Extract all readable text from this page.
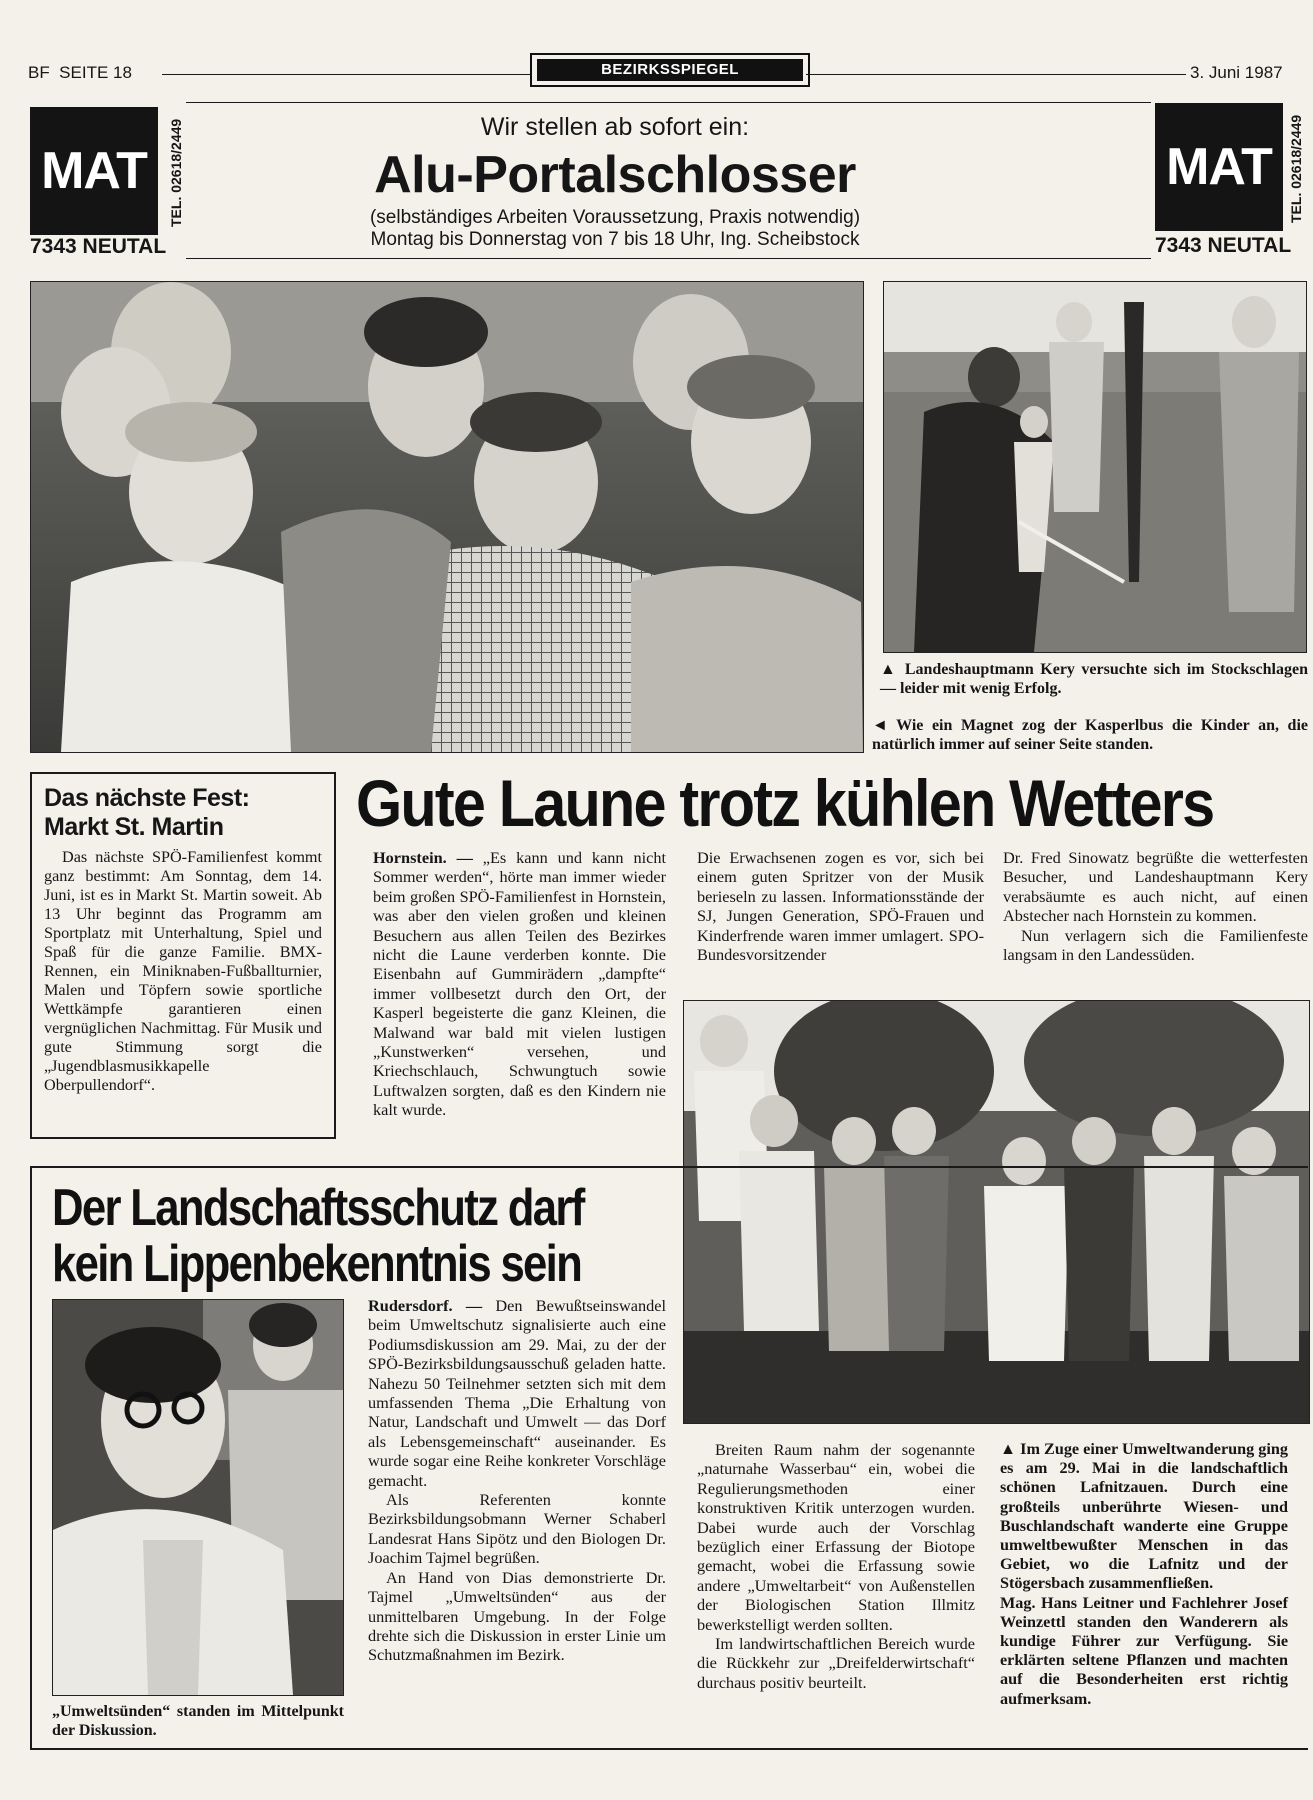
BF  SEITE 18	BEZIRKSSPIEGEL	3. Juni 1987
MAT	TEL. 02618/2449
7343 NEUTAL
Wir stellen ab sofort ein:
Alu-Portalschlosser
(selbständiges Arbeiten Voraussetzung, Praxis notwendig)
Montag bis Donnerstag von 7 bis 18 Uhr, Ing. Scheibstock
MAT	TEL. 02618/2449
7343 NEUTAL
▲ Landeshauptmann Kery versuchte sich im Stockschlagen — leider mit wenig Erfolg.
◄ Wie ein Magnet zog der Kasperlbus die Kinder an, die natürlich immer auf seiner Seite standen.
Das nächste Fest:
Markt St. Martin

Das nächste SPÖ-Familienfest kommt ganz bestimmt: Am Sonntag, dem 14. Juni, ist es in Markt St. Martin soweit. Ab 13 Uhr beginnt das Programm am Sportplatz mit Unterhaltung, Spiel und Spaß für die ganze Familie. BMX-Rennen, ein Miniknaben-Fußballturnier, Malen und Töpfern sowie sportliche Wettkämpfe garantieren einen vergnüglichen Nachmittag. Für Musik und gute Stimmung sorgt die „Jugendblasmusikkapelle Oberpullendorf“.

Gute Laune trotz kühlen Wetters

Hornstein. — „Es kann und kann nicht Sommer werden“, hörte man immer wieder beim großen SPÖ-Familienfest in Hornstein, was aber den vielen großen und kleinen Besuchern aus allen Teilen des Bezirkes nicht die Laune verderben konnte. Die Eisenbahn auf Gummirädern „dampfte“ immer vollbesetzt durch den Ort, der Kasperl begeisterte die ganz Kleinen, die Malwand war bald mit vielen lustigen „Kunstwerken“ versehen, und Kriechschlauch, Schwungtuch sowie Luftwalzen sorgten, daß es den Kindern nie kalt wurde.

Die Erwachsenen zogen es vor, sich bei einem guten Spritzer von der Musik berieseln zu lassen. Informationsstände der SJ, Jungen Generation, SPÖ-Frauen und Kinderfrende waren immer umlagert. SPO-Bundesvorsitzender

Dr. Fred Sinowatz begrüßte die wetterfesten Besucher, und Landeshauptmann Kery verabsäumte es auch nicht, auf einen Abstecher nach Hornstein zu kommen.

Nun verlagern sich die Familienfeste langsam in den Landessüden.

Der Landschaftsschutz darf
kein Lippenbekenntnis sein
„Umweltsünden“ standen im Mittelpunkt der Diskussion.

Rudersdorf. — Den Bewußtseinswandel beim Umweltschutz signalisierte auch eine Podiumsdiskussion am 29. Mai, zu der der SPÖ-Bezirksbildungsausschuß geladen hatte. Nahezu 50 Teilnehmer setzten sich mit dem umfassenden Thema „Die Erhaltung von Natur, Landschaft und Umwelt — das Dorf als Lebensgemeinschaft“ auseinander. Es wurde sogar eine Reihe konkreter Vorschläge gemacht.

Als Referenten konnte Bezirksbildungsobmann Werner Schaberl Landesrat Hans Sipötz und den Biologen Dr. Joachim Tajmel begrüßen.

An Hand von Dias demonstrierte Dr. Tajmel „Umweltsünden“ aus der unmittelbaren Umgebung. In der Folge drehte sich die Diskussion in erster Linie um Schutzmaßnahmen im Bezirk.

Breiten Raum nahm der sogenannte „naturnahe Wasserbau“ ein, wobei die Regulierungsmethoden einer konstruktiven Kritik unterzogen wurden. Dabei wurde auch der Vorschlag bezüglich einer Erfassung der Biotope gemacht, wobei die Erfassung sowie andere „Umweltarbeit“ von Außenstellen der Biologischen Station Illmitz bewerkstelligt werden sollten.

Im landwirtschaftlichen Bereich wurde die Rückkehr zur „Dreifelderwirtschaft“ durchaus positiv beurteilt.

▲ Im Zuge einer Umweltwanderung ging es am 29. Mai in die landschaftlich schönen Lafnitzauen. Durch eine großteils unberührte Wiesen- und Buschlandschaft wanderte eine Gruppe umweltbewußter Menschen in das Gebiet, wo die Lafnitz und der Stögersbach zusammenfließen.

Mag. Hans Leitner und Fachlehrer Josef Weinzettl standen den Wanderern als kundige Führer zur Verfügung. Sie erklärten seltene Pflanzen und machten auf die Besonderheiten erst richtig aufmerksam.
